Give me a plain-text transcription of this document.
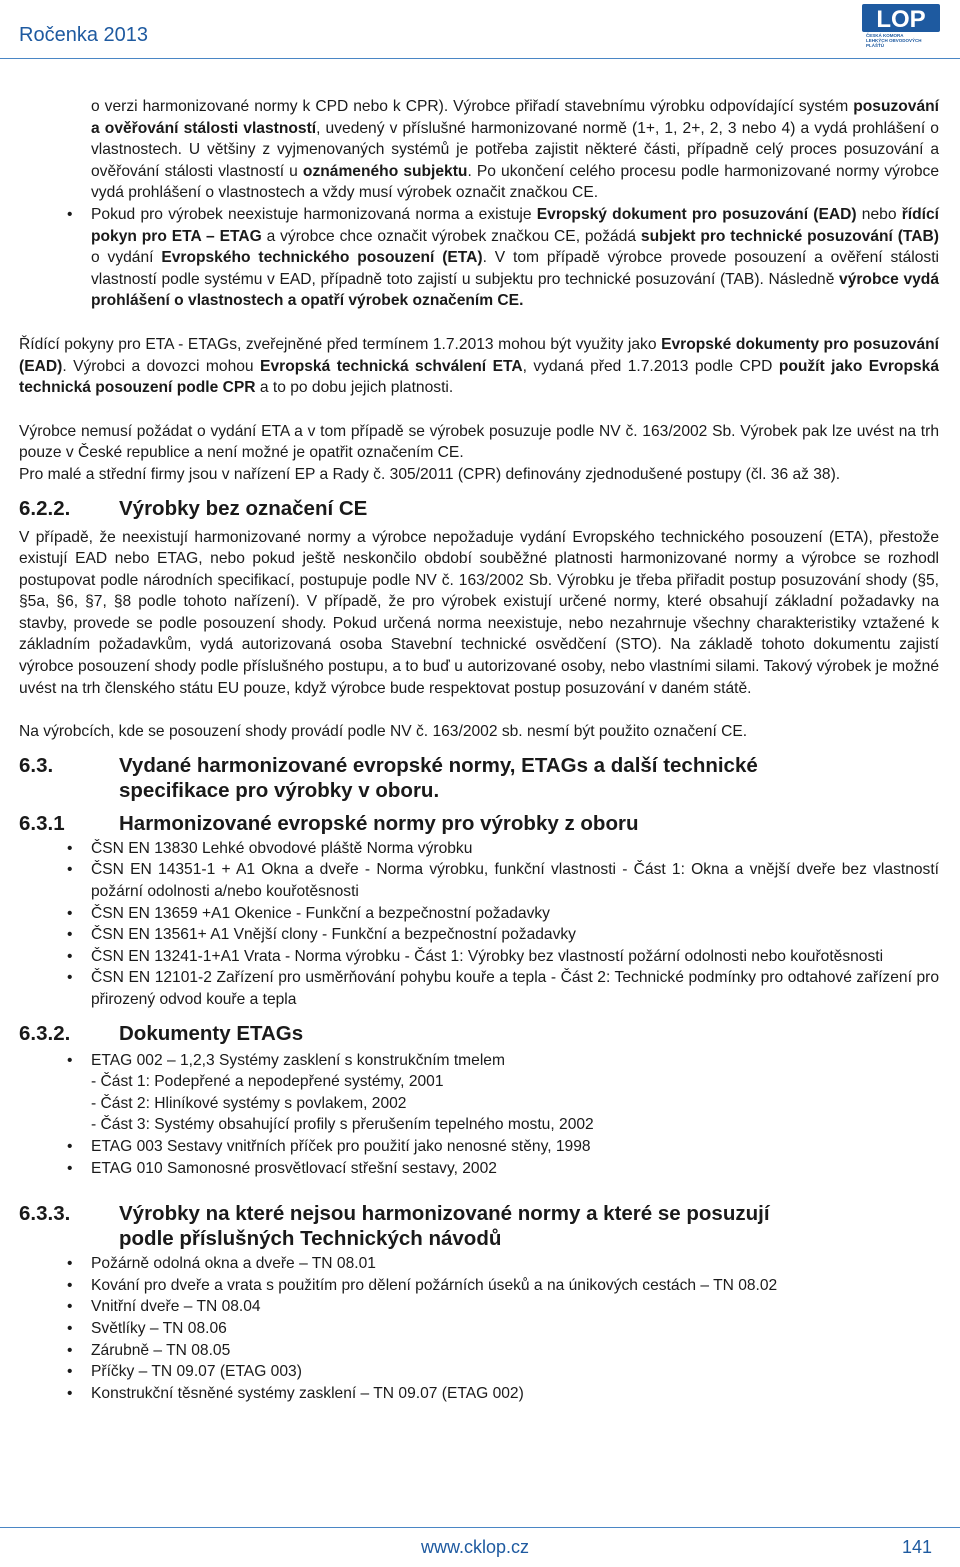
Ročenka 2013
LOP
ČESKÁ KOMORA
LEHKÝCH OBVODOVÝCH PLÁŠŤŮ

o verzi harmonizované normy k CPD nebo k CPR). Výrobce přiřadí stavebnímu výrobku odpovídající systém posuzování a ověřování stálosti vlastností, uvedený v příslušné harmonizované normě (1+, 1, 2+, 2, 3 nebo 4) a vydá prohlášení o vlastnostech. U většiny z vyjmenovaných systémů je potřeba zajistit některé části, případně celý proces posuzování a ověřování stálosti vlastností u oznámeného subjektu. Po ukončení celého procesu podle harmonizované normy výrobce vydá prohlášení o vlastnostech a vždy musí výrobek označit značkou CE.

• Pokud pro výrobek neexistuje harmonizovaná norma a existuje Evropský dokument pro posuzování (EAD) nebo řídící pokyn pro ETA – ETAG a výrobce chce označit výrobek značkou CE, požádá subjekt pro technické posuzování (TAB) o vydání Evropského technického posouzení (ETA). V tom případě výrobce provede posouzení a ověření stálosti vlastností podle systému v EAD, případně toto zajistí u subjektu pro technické posuzování (TAB). Následně výrobce vydá prohlášení o vlastnostech a opatří výrobek označením CE.

Řídící pokyny pro ETA - ETAGs, zveřejněné před termínem 1.7.2013 mohou být využity jako Evropské dokumenty pro posuzování (EAD). Výrobci a dovozci mohou Evropská technická schválení ETA, vydaná před 1.7.2013 podle CPD použít jako Evropská technická posouzení podle CPR a to po dobu jejich platnosti.

Výrobce nemusí požádat o vydání ETA a v tom případě se výrobek posuzuje podle NV č. 163/2002 Sb. Výrobek pak lze uvést na trh pouze v České republice a není možné je opatřit označením CE.

Pro malé a střední firmy jsou v nařízení EP a Rady č. 305/2011 (CPR) definovány zjednodušené postupy (čl. 36 až 38).

6.2.2.	Výrobky bez označení CE

V případě, že neexistují harmonizované normy a výrobce nepožaduje vydání Evropského technického posouzení (ETA), přestože existují EAD nebo ETAG, nebo pokud ještě neskončilo období souběžné platnosti harmonizované normy a výrobce se rozhodl postupovat podle národních specifikací, postupuje podle NV č. 163/2002 Sb. Výrobku je třeba přiřadit postup posuzování shody (§5, §5a, §6, §7, §8 podle tohoto nařízení). V případě, že pro výrobek existují určené normy, které obsahují základní požadavky na stavby, provede se podle posouzení shody. Pokud určená norma neexistuje, nebo nezahrnuje všechny charakteristiky vztažené k základním požadavkům, vydá autorizovaná osoba Stavební technické osvědčení (STO). Na základě tohoto dokumentu zajistí výrobce posouzení shody podle příslušného postupu, a to buď u autorizované osoby, nebo vlastními silami. Takový výrobek je možné uvést na trh členského státu EU pouze, když výrobce bude respektovat postup posuzování v daném státě.

Na výrobcích, kde se posouzení shody provádí podle NV č. 163/2002 sb. nesmí být použito označení CE.

6.3.	Vydané harmonizované evropské normy, ETAGs a další technické
specifikace pro výrobky v oboru.
6.3.1	Harmonizované evropské normy pro výrobky z oboru
• ČSN EN 13830 Lehké obvodové pláště Norma výrobku
• ČSN EN 14351-1 + A1 Okna a dveře - Norma výrobku, funkční vlastnosti - Část 1: Okna a vnější dveře bez vlastností požární odolnosti a/nebo kouřotěsnosti
• ČSN EN 13659 +A1 Okenice - Funkční a bezpečnostní požadavky
• ČSN EN 13561+ A1 Vnější clony - Funkční a bezpečnostní požadavky
• ČSN EN 13241-1+A1 Vrata - Norma výrobku - Část 1: Výrobky bez vlastností požární odolnosti nebo kouřotěsnosti
• ČSN EN 12101-2 Zařízení pro usměrňování pohybu kouře a tepla - Část 2: Technické podmínky pro odtahové zařízení pro přirozený odvod kouře a tepla
6.3.2.	Dokumenty ETAGs
• ETAG 002 – 1,2,3 Systémy zasklení s konstrukčním tmelem
- Část 1: Podepřené a nepodepřené systémy, 2001
- Část 2: Hliníkové systémy s povlakem, 2002
- Část 3: Systémy obsahující profily s přerušením tepelného mostu, 2002
• ETAG 003 Sestavy vnitřních příček pro použití jako nenosné stěny, 1998
• ETAG 010 Samonosné prosvětlovací střešní sestavy, 2002
6.3.3.	Výrobky na které nejsou harmonizované normy a které se posuzují
podle příslušných Technických návodů
• Požárně odolná okna a dveře – TN 08.01
• Kování pro dveře a vrata s použitím pro dělení požárních úseků a na únikových cestách – TN 08.02
• Vnitřní dveře – TN 08.04
• Světlíky – TN 08.06
• Zárubně – TN 08.05
• Příčky – TN 09.07 (ETAG 003)
• Konstrukční těsněné systémy zasklení – TN 09.07 (ETAG 002)
www.cklop.cz	141
